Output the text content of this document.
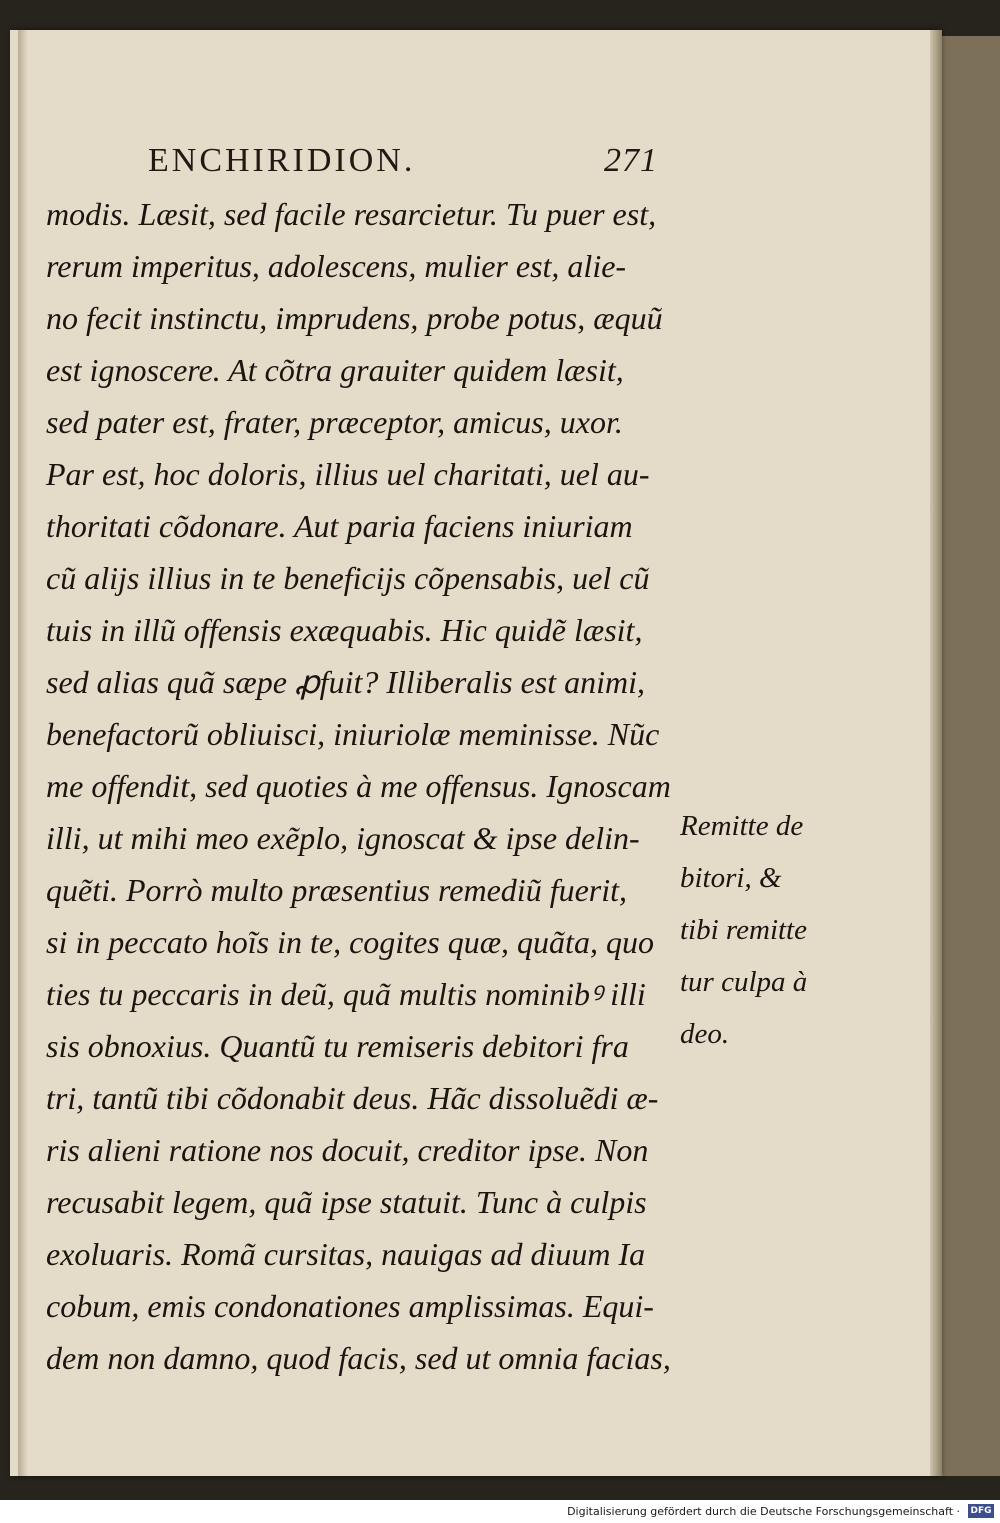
ENCHIRIDION.	271
modis. Læsit, sed facile resarcietur. Tu puer est,
rerum imperitus, adolescens, mulier est, alie-
no fecit instinctu, imprudens, probe potus, æquũ
est ignoscere. At cõtra grauiter quidem læsit,
sed pater est, frater, præceptor, amicus, uxor.
Par est, hoc doloris, illius uel charitati, uel au-
thoritati cõdonare. Aut paria faciens iniuriam
cũ alijs illius in te beneficijs cõpensabis, uel cũ
tuis in illũ offensis exæquabis. Hic quidẽ læsit,
sed alias quã sæpe ꝓfuit? Illiberalis est animi,
benefactorũ obliuisci, iniuriolæ meminisse. Nũc
me offendit, sed quoties à me offensus. Ignoscam
illi, ut mihi meo exẽplo, ignoscat & ipse delin-
quẽti. Porrò multo præsentius remediũ fuerit,
si in peccato hoĩs in te, cogites quæ, quãta, quo
ties tu peccaris in deũ, quã multis nominibꝰ illi
sis obnoxius. Quantũ tu remiseris debitori fra
tri, tantũ tibi cõdonabit deus. Hãc dissoluẽdi æ-
ris alieni ratione nos docuit, creditor ipse. Non
recusabit legem, quã ipse statuit. Tunc à culpis
exoluaris. Romã cursitas, nauigas ad diuum Ia
cobum, emis condonationes amplissimas. Equi-
dem non damno, quod facis, sed ut omnia facias,
Remitte de
bitori, &
tibi remitte
tur culpa à
deo.
Digitalisierung gefördert durch die Deutsche Forschungsgemeinschaft · DFG
